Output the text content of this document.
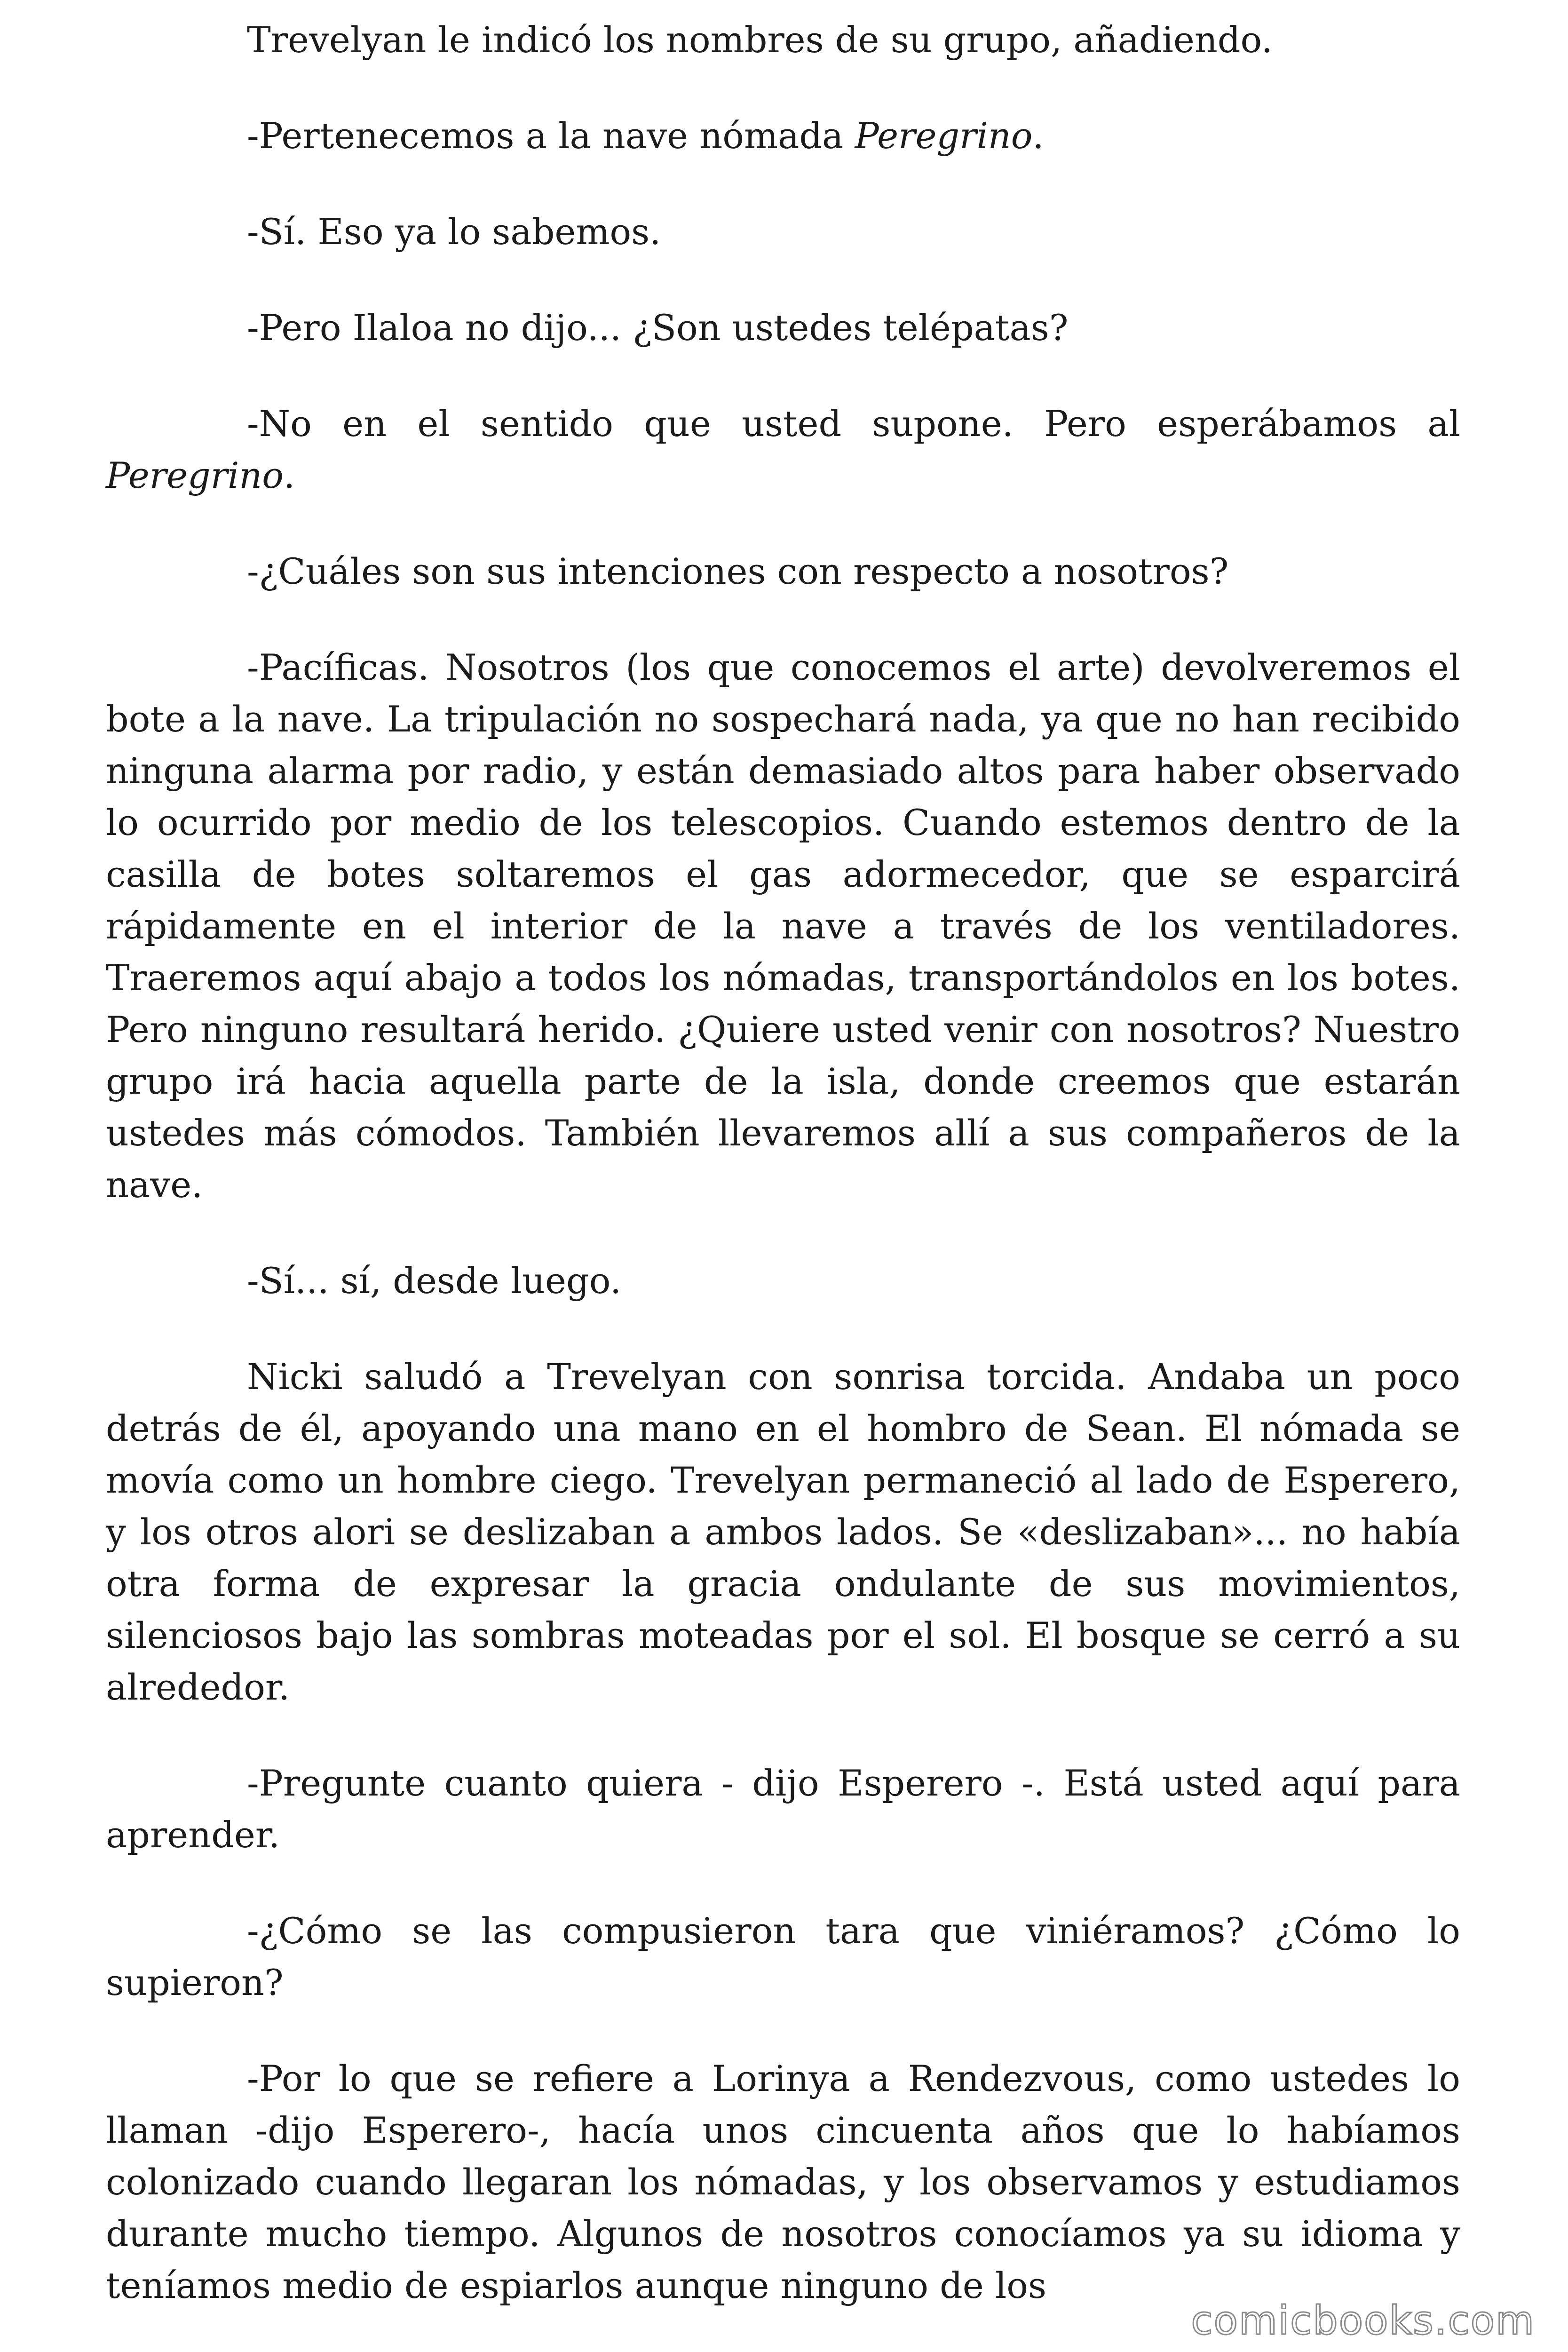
Trevelyan le indicó los nombres de su grupo, añadiendo.

-Pertenecemos a la nave nómada Peregrino.

-Sí. Eso ya lo sabemos.

-Pero Ilaloa no dijo... ¿Son ustedes telépatas?

-No en el sentido que usted supone. Pero esperábamos al Peregrino.

-¿Cuáles son sus intenciones con respecto a nosotros?

-Pacíficas. Nosotros (los que conocemos el arte) devolveremos el bote a la nave. La tripulación no sospechará nada, ya que no han recibido ninguna alarma por radio, y están demasiado altos para haber observado lo ocurrido por medio de los telescopios. Cuando estemos dentro de la casilla de botes soltaremos el gas adormecedor, que se esparcirá rápidamente en el interior de la nave a través de los ventiladores. Traeremos aquí abajo a todos los nómadas, transportándolos en los botes. Pero ninguno resultará herido. ¿Quiere usted venir con nosotros? Nuestro grupo irá hacia aquella parte de la isla, donde creemos que estarán ustedes más cómodos. También llevaremos allí a sus compañeros de la nave.

-Sí... sí, desde luego.

Nicki saludó a Trevelyan con sonrisa torcida. Andaba un poco detrás de él, apoyando una mano en el hombro de Sean. El nómada se movía como un hombre ciego. Trevelyan permaneció al lado de Esperero, y los otros alori se deslizaban a ambos lados. Se «deslizaban»... no había otra forma de expresar la gracia ondulante de sus movimientos, silenciosos bajo las sombras moteadas por el sol. El bosque se cerró a su alrededor.

-Pregunte cuanto quiera - dijo Esperero -. Está usted aquí para aprender.

-¿Cómo se las compusieron tara que viniéramos? ¿Cómo lo supieron?

-Por lo que se refiere a Lorinya a Rendezvous, como ustedes lo llaman -dijo Esperero-, hacía unos cincuenta años que lo habíamos colonizado cuando llegaran los nómadas, y los observamos y estudiamos durante mucho tiempo. Algunos de nosotros conocíamos ya su idioma y teníamos medio de espiarlos aunque ninguno de los

comicbooks.com
